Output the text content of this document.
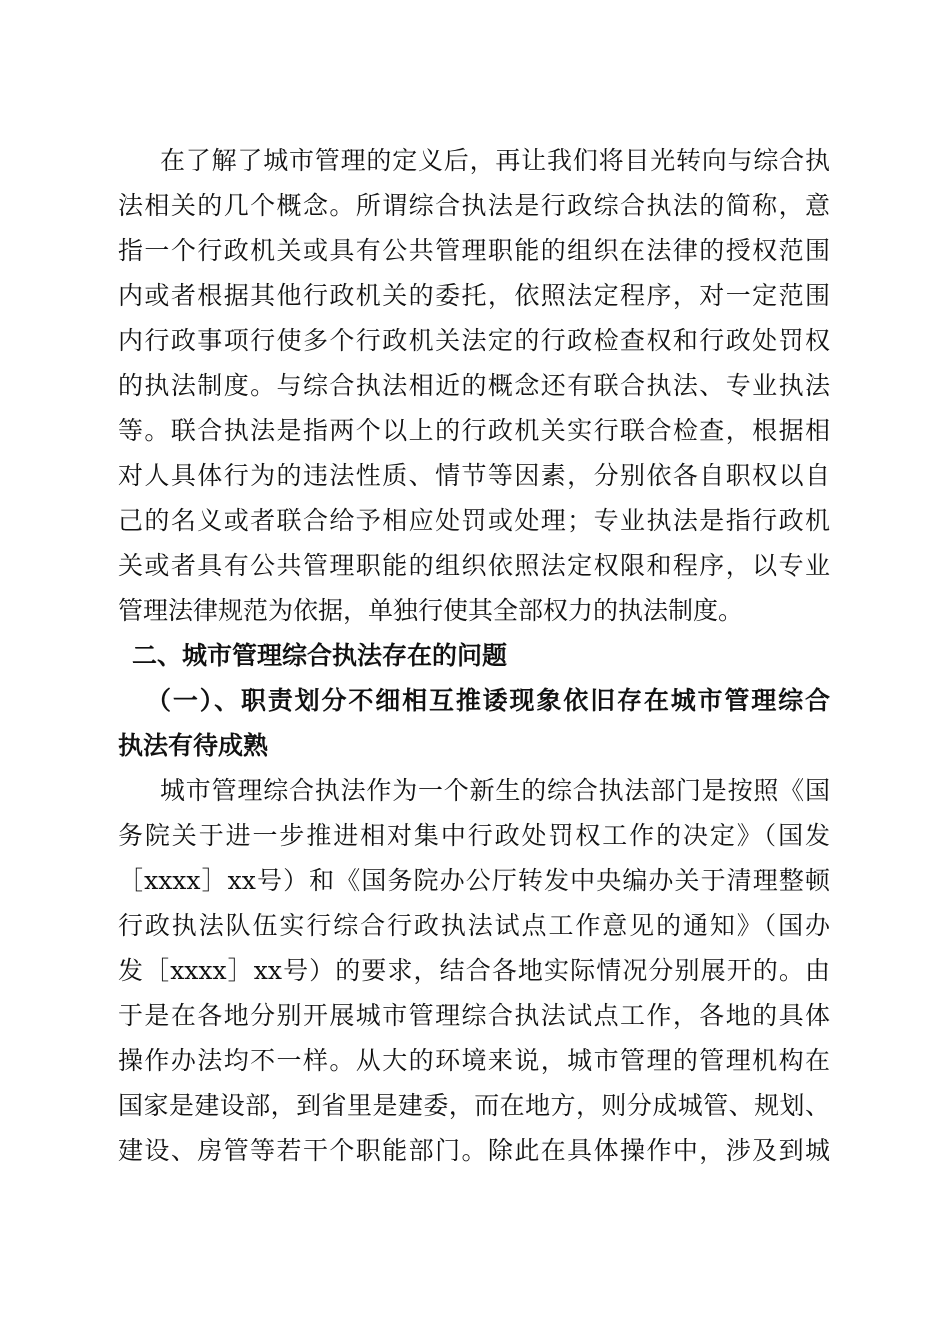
在了解了城市管理的定义后，再让我们将目光转向与综合执
法相关的几个概念。所谓综合执法是行政综合执法的简称，意
指一个行政机关或具有公共管理职能的组织在法律的授权范围
内或者根据其他行政机关的委托，依照法定程序，对一定范围
内行政事项行使多个行政机关法定的行政检查权和行政处罚权
的执法制度。与综合执法相近的概念还有联合执法、专业执法
等。联合执法是指两个以上的行政机关实行联合检查，根据相
对人具体行为的违法性质、情节等因素，分别依各自职权以自
己的名义或者联合给予相应处罚或处理；专业执法是指行政机
关或者具有公共管理职能的组织依照法定权限和程序，以专业
管理法律规范为依据，单独行使其全部权力的执法制度。
二、城市管理综合执法存在的问题
（一）、职责划分不细相互推诿现象依旧存在城市管理综合
执法有待成熟
城市管理综合执法作为一个新生的综合执法部门是按照《国
务院关于进一步推进相对集中行政处罚权工作的决定》（国发
［xxxx］xx号）和《国务院办公厅转发中央编办关于清理整顿
行政执法队伍实行综合行政执法试点工作意见的通知》（国办
发［xxxx］xx号）的要求，结合各地实际情况分别展开的。由
于是在各地分别开展城市管理综合执法试点工作，各地的具体
操作办法均不一样。从大的环境来说，城市管理的管理机构在
国家是建设部，到省里是建委，而在地方，则分成城管、规划、
建设、房管等若干个职能部门。除此在具体操作中，涉及到城
